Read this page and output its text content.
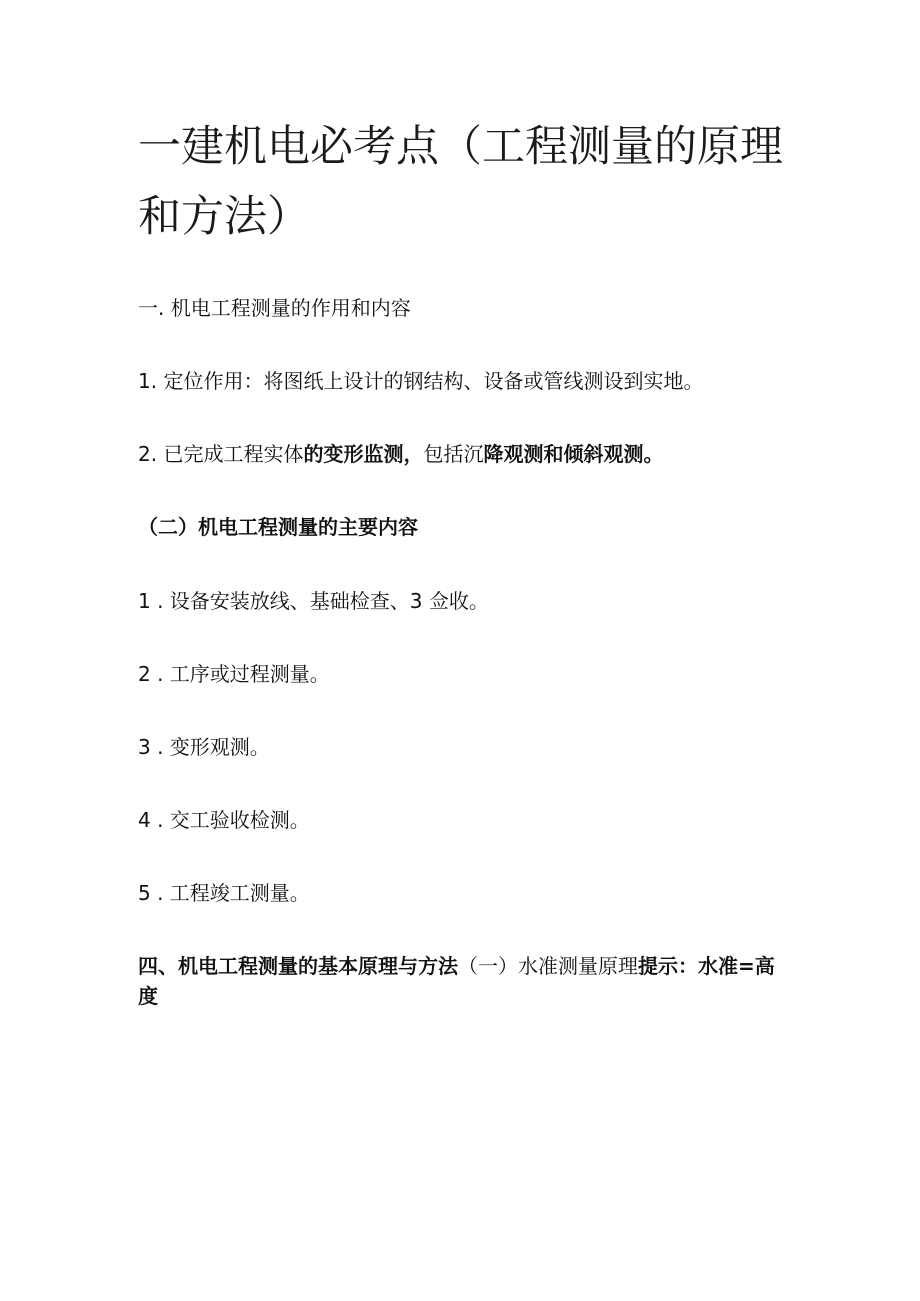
一建机电必考点（工程测量的原理和方法）

一. 机电工程测量的作用和内容

1. 定位作用：将图纸上设计的钢结构、设备或管线测设到实地。

2. 已完成工程实体的变形监测，包括沉降观测和倾斜观测。

（二）机电工程测量的主要内容

1 . 设备安装放线、基础检查、3 佥收。

2 . 工序或过程测量。

3 . 变形观测。

4 . 交工验收检测。

5 . 工程竣工测量。

四、机电工程测量的基本原理与方法（一）水准测量原理提示：水准=高度
